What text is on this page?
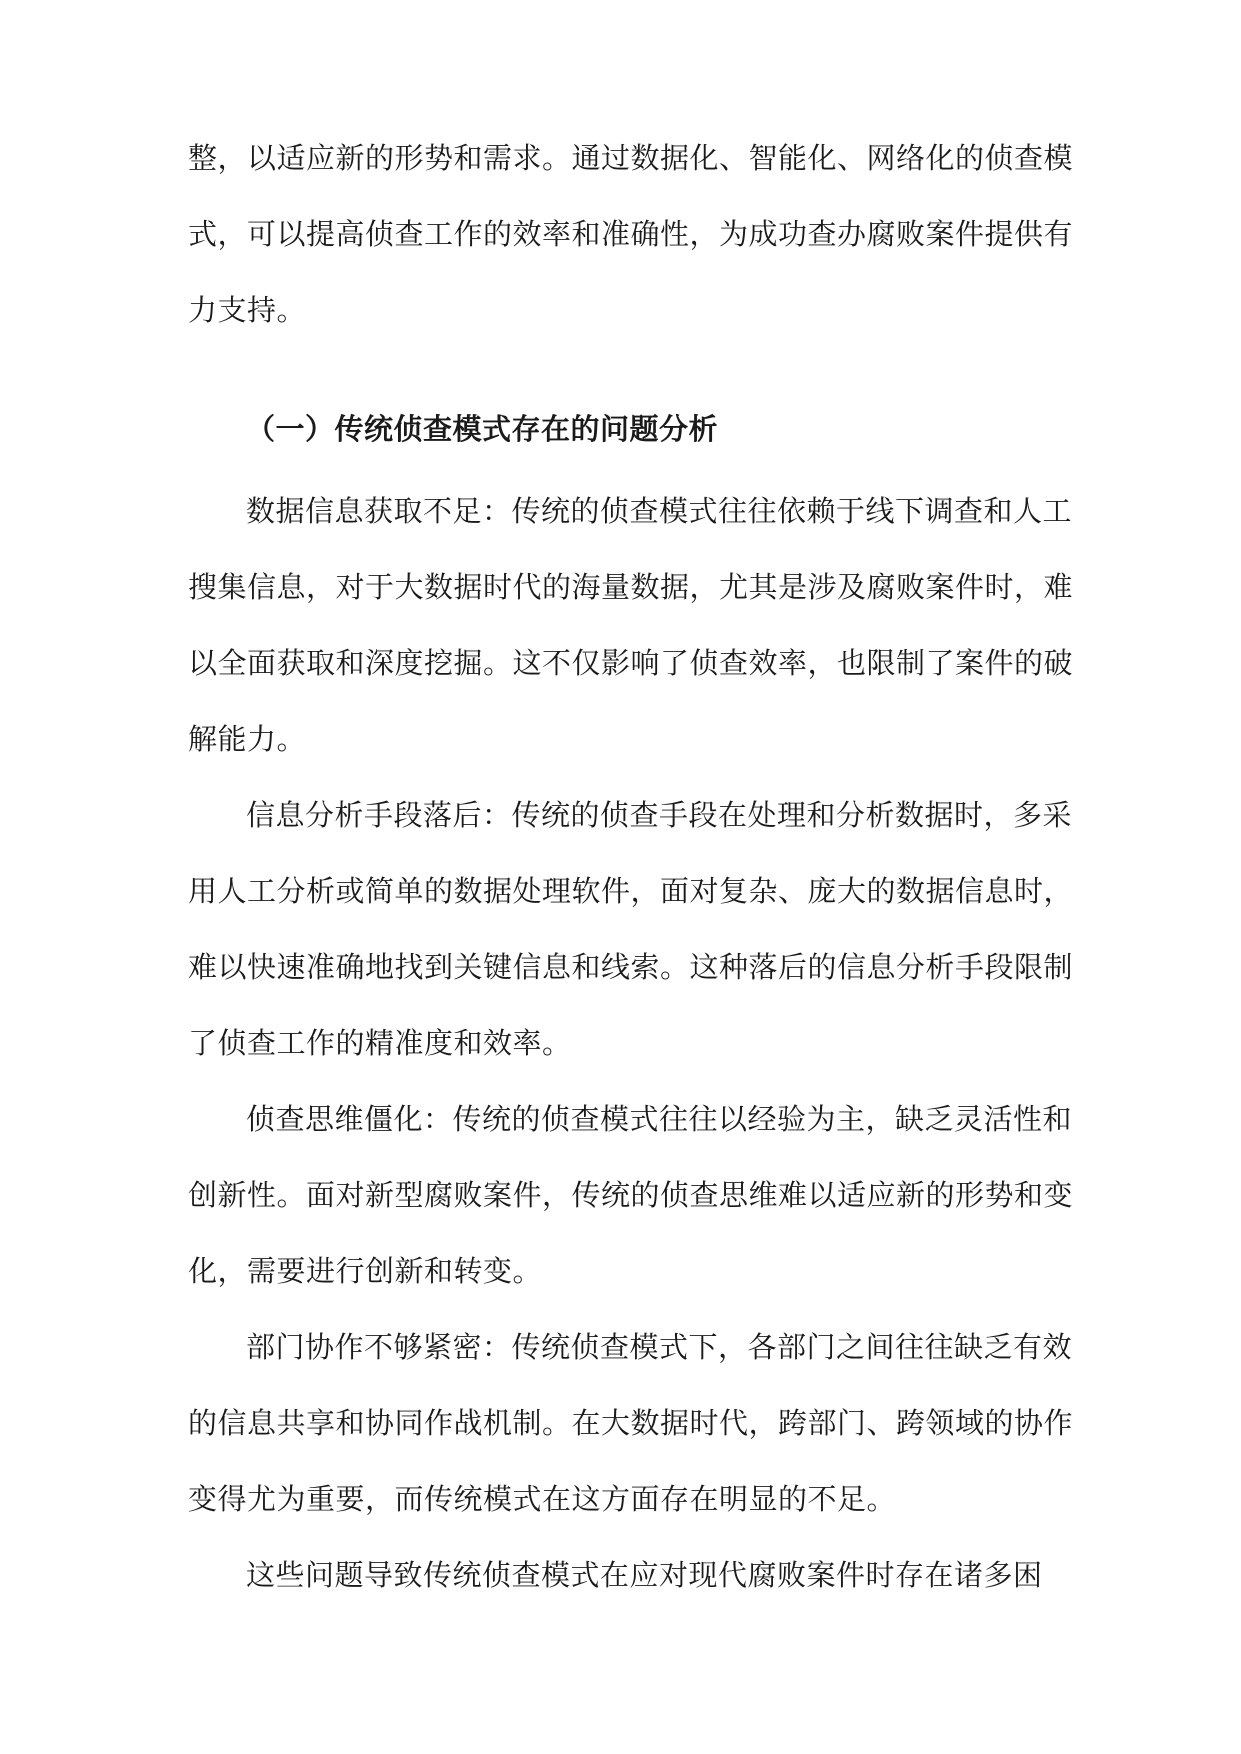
整，以适应新的形势和需求。通过数据化、智能化、网络化的侦查模
式，可以提高侦查工作的效率和准确性，为成功查办腐败案件提供有
力支持。
（一）传统侦查模式存在的问题分析
数据信息获取不足：传统的侦查模式往往依赖于线下调查和人工
搜集信息，对于大数据时代的海量数据，尤其是涉及腐败案件时，难
以全面获取和深度挖掘。这不仅影响了侦查效率，也限制了案件的破
解能力。
信息分析手段落后：传统的侦查手段在处理和分析数据时，多采
用人工分析或简单的数据处理软件，面对复杂、庞大的数据信息时，
难以快速准确地找到关键信息和线索。这种落后的信息分析手段限制
了侦查工作的精准度和效率。
侦查思维僵化：传统的侦查模式往往以经验为主，缺乏灵活性和
创新性。面对新型腐败案件，传统的侦查思维难以适应新的形势和变
化，需要进行创新和转变。
部门协作不够紧密：传统侦查模式下，各部门之间往往缺乏有效
的信息共享和协同作战机制。在大数据时代，跨部门、跨领域的协作
变得尤为重要，而传统模式在这方面存在明显的不足。
这些问题导致传统侦查模式在应对现代腐败案件时存在诸多困
